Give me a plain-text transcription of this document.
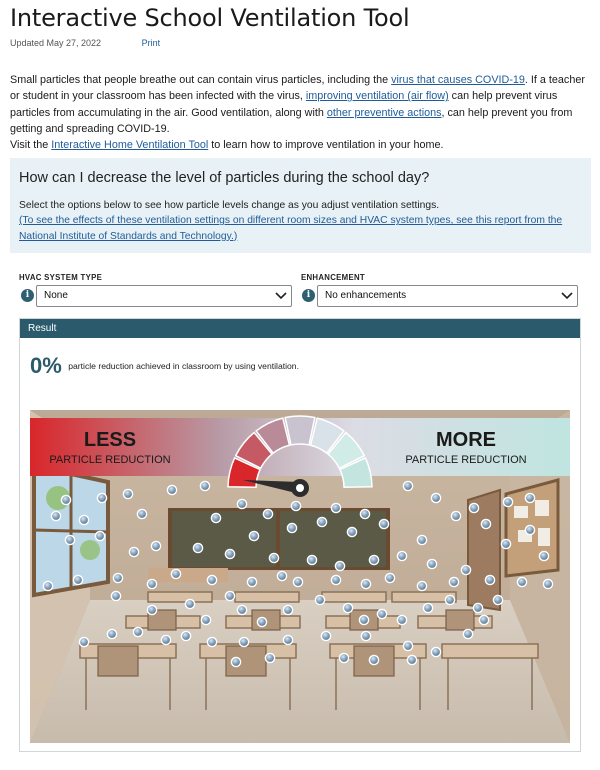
Interactive School Ventilation Tool
Updated May 27, 2022	Print

Small particles that people breathe out can contain virus particles, including the virus that causes COVID-19. If a teacher or student in your classroom has been infected with the virus, improving ventilation (air flow) can help prevent virus particles from accumulating in the air. Good ventilation, along with other preventive actions, can help prevent you from getting and spreading COVID-19.

Visit the Interactive Home Ventilation Tool to learn how to improve ventilation in your home.

How can I decrease the level of particles during the school day?
Select the options below to see how particle levels change as you adjust ventilation settings.
(To see the effects of these ventilation settings on different room sizes and HVAC system types, see this report from the National Institute of Standards and Technology.)
HVAC SYSTEM TYPE
i	None
ENHANCEMENT
i	No enhancements
Result
0% particle reduction achieved in classroom by using ventilation.
LESS
PARTICLE REDUCTION
MORE
PARTICLE REDUCTION
